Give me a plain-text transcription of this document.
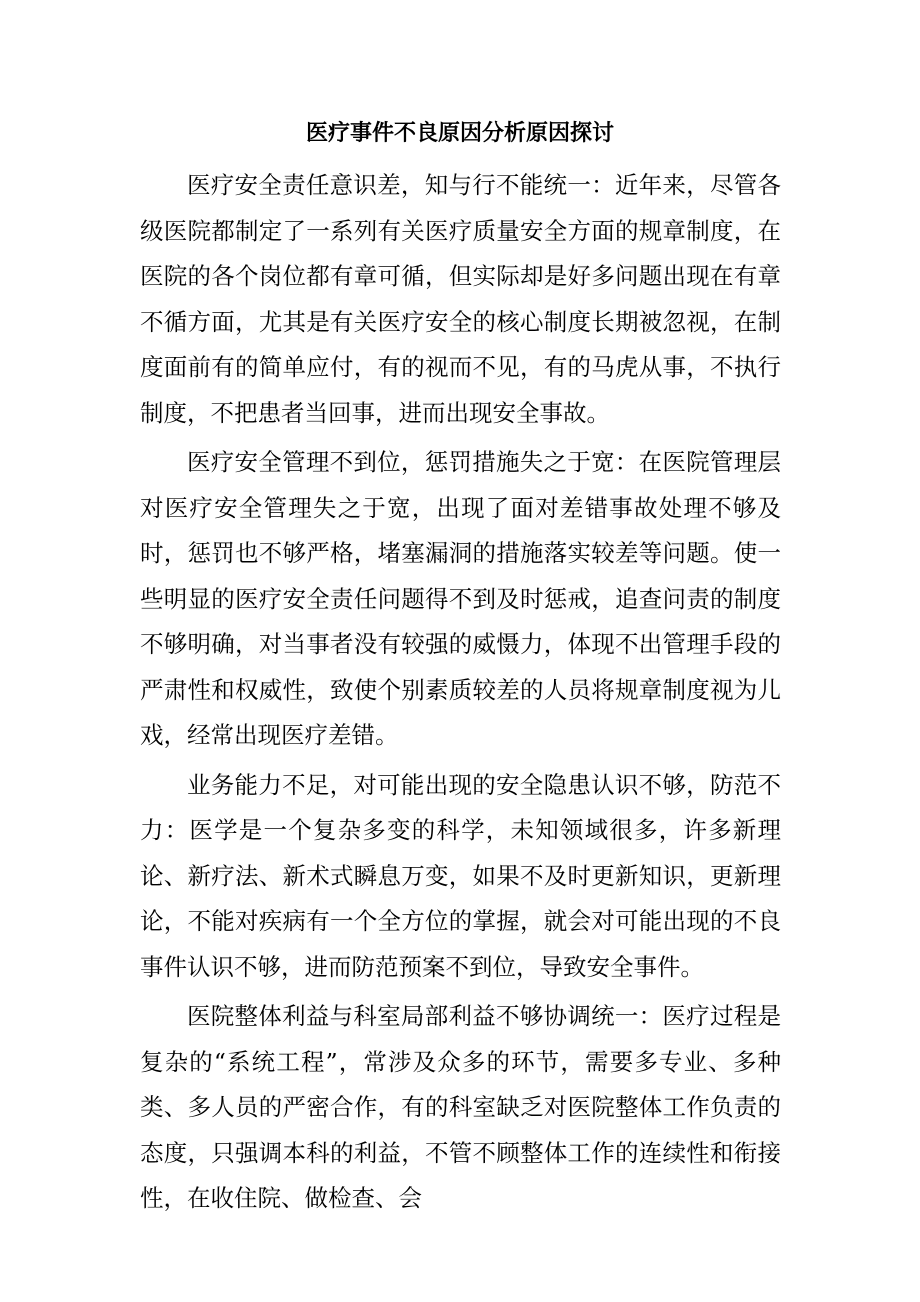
医疗事件不良原因分析原因探讨

医疗安全责任意识差，知与行不能统一：近年来，尽管各级医院都制定了一系列有关医疗质量安全方面的规章制度，在医院的各个岗位都有章可循，但实际却是好多问题出现在有章不循方面，尤其是有关医疗安全的核心制度长期被忽视，在制度面前有的简单应付，有的视而不见，有的马虎从事，不执行制度，不把患者当回事，进而出现安全事故。

医疗安全管理不到位，惩罚措施失之于宽：在医院管理层对医疗安全管理失之于宽，出现了面对差错事故处理不够及时，惩罚也不够严格，堵塞漏洞的措施落实较差等问题。使一些明显的医疗安全责任问题得不到及时惩戒，追查问责的制度不够明确，对当事者没有较强的威慑力，体现不出管理手段的严肃性和权威性，致使个别素质较差的人员将规章制度视为儿戏，经常出现医疗差错。

业务能力不足，对可能出现的安全隐患认识不够，防范不力：医学是一个复杂多变的科学，未知领域很多，许多新理论、新疗法、新术式瞬息万变，如果不及时更新知识，更新理论，不能对疾病有一个全方位的掌握，就会对可能出现的不良事件认识不够，进而防范预案不到位，导致安全事件。

医院整体利益与科室局部利益不够协调统一：医疗过程是复杂的“系统工程”，常涉及众多的环节，需要多专业、多种类、多人员的严密合作，有的科室缺乏对医院整体工作负责的态度，只强调本科的利益，不管不顾整体工作的连续性和衔接性，在收住院、做检查、会
